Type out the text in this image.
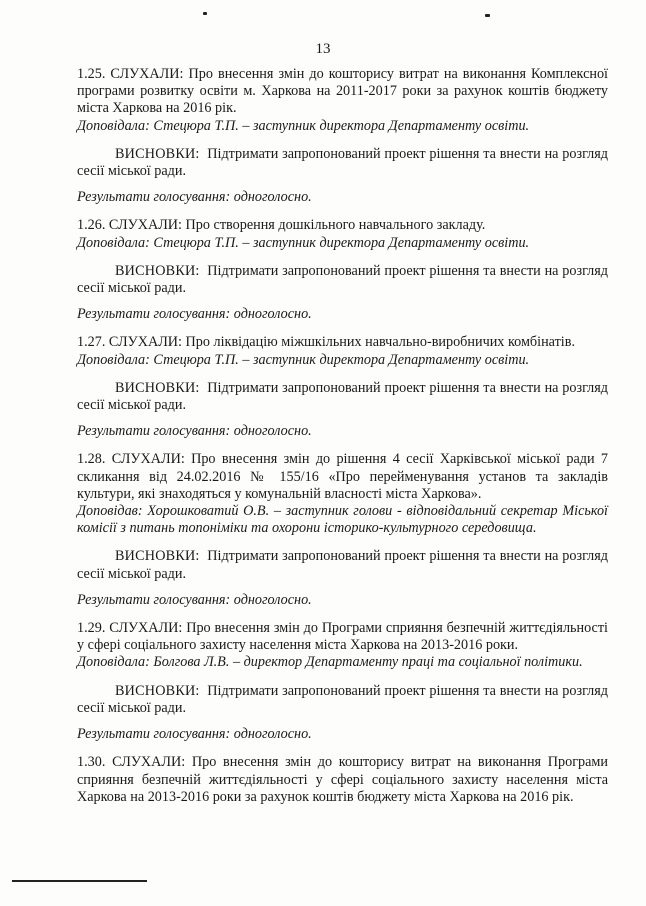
13

1.25. СЛУХАЛИ: Про внесення змін до кошторису витрат на виконання Комплексної програми розвитку освіти м. Харкова на 2011-2017 роки за рахунок коштів бюджету міста Харкова на 2016 рік.

Доповідала: Стецюра Т.П. – заступник директора Департаменту освіти.

ВИСНОВКИ: Підтримати запропонований проект рішення та внести на розгляд сесії міської ради.

Результати голосування: одноголосно.

1.26. СЛУХАЛИ: Про створення дошкільного навчального закладу.

Доповідала: Стецюра Т.П. – заступник директора Департаменту освіти.

ВИСНОВКИ: Підтримати запропонований проект рішення та внести на розгляд сесії міської ради.

Результати голосування: одноголосно.

1.27. СЛУХАЛИ: Про ліквідацію міжшкільних навчально-виробничих комбінатів.

Доповідала: Стецюра Т.П. – заступник директора Департаменту освіти.

ВИСНОВКИ: Підтримати запропонований проект рішення та внести на розгляд сесії міської ради.

Результати голосування: одноголосно.

1.28. СЛУХАЛИ: Про внесення змін до рішення 4 сесії Харківської міської ради 7 скликання від 24.02.2016 № 155/16 «Про перейменування установ та закладів культури, які знаходяться у комунальній власності міста Харкова».

Доповідав: Хорошковатий О.В. – заступник голови - відповідальний секретар Міської комісії з питань топоніміки та охорони історико-культурного середовища.

ВИСНОВКИ: Підтримати запропонований проект рішення та внести на розгляд сесії міської ради.

Результати голосування: одноголосно.

1.29. СЛУХАЛИ: Про внесення змін до Програми сприяння безпечній життєдіяльності у сфері соціального захисту населення міста Харкова на 2013-2016 роки.

Доповідала: Болгова Л.В. – директор Департаменту праці та соціальної політики.

ВИСНОВКИ: Підтримати запропонований проект рішення та внести на розгляд сесії міської ради.

Результати голосування: одноголосно.

1.30. СЛУХАЛИ: Про внесення змін до кошторису витрат на виконання Програми сприяння безпечній життєдіяльності у сфері соціального захисту населення міста Харкова на 2013-2016 роки за рахунок коштів бюджету міста Харкова на 2016 рік.
